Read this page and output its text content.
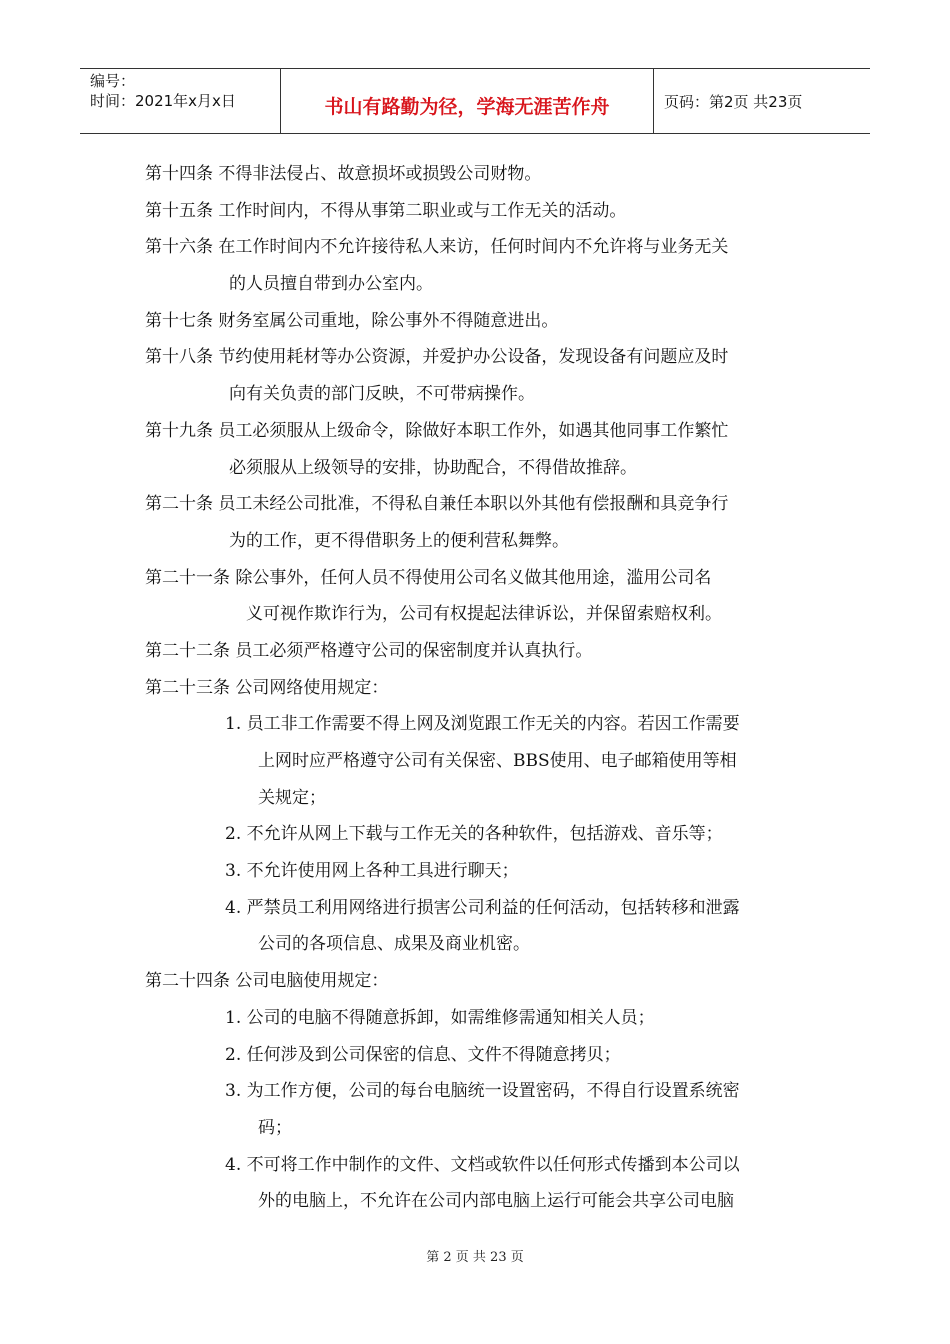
编号：
时间：2021年x月x日	书山有路勤为径，学海无涯苦作舟	页码：第2页 共23页
第十四条 不得非法侵占、故意损坏或损毁公司财物。
第十五条 工作时间内，不得从事第二职业或与工作无关的活动。
第十六条 在工作时间内不允许接待私人来访，任何时间内不允许将与业务无关
的人员擅自带到办公室内。
第十七条 财务室属公司重地，除公事外不得随意进出。
第十八条 节约使用耗材等办公资源，并爱护办公设备，发现设备有问题应及时
向有关负责的部门反映，不可带病操作。
第十九条 员工必须服从上级命令，除做好本职工作外，如遇其他同事工作繁忙
必须服从上级领导的安排，协助配合，不得借故推辞。
第二十条 员工未经公司批准，不得私自兼任本职以外其他有偿报酬和具竞争行
为的工作，更不得借职务上的便利营私舞弊。
第二十一条 除公事外，任何人员不得使用公司名义做其他用途，滥用公司名
义可视作欺诈行为，公司有权提起法律诉讼，并保留索赔权利。
第二十二条 员工必须严格遵守公司的保密制度并认真执行。
第二十三条 公司网络使用规定：
1. 员工非工作需要不得上网及浏览跟工作无关的内容。若因工作需要
上网时应严格遵守公司有关保密、BBS使用、电子邮箱使用等相
关规定；
2. 不允许从网上下载与工作无关的各种软件，包括游戏、音乐等；
3. 不允许使用网上各种工具进行聊天；
4. 严禁员工利用网络进行损害公司利益的任何活动，包括转移和泄露
公司的各项信息、成果及商业机密。
第二十四条 公司电脑使用规定：
1. 公司的电脑不得随意拆卸，如需维修需通知相关人员；
2. 任何涉及到公司保密的信息、文件不得随意拷贝；
3. 为工作方便，公司的每台电脑统一设置密码，不得自行设置系统密
码；
4. 不可将工作中制作的文件、文档或软件以任何形式传播到本公司以
外的电脑上，不允许在公司内部电脑上运行可能会共享公司电脑
第 2 页 共 23 页
